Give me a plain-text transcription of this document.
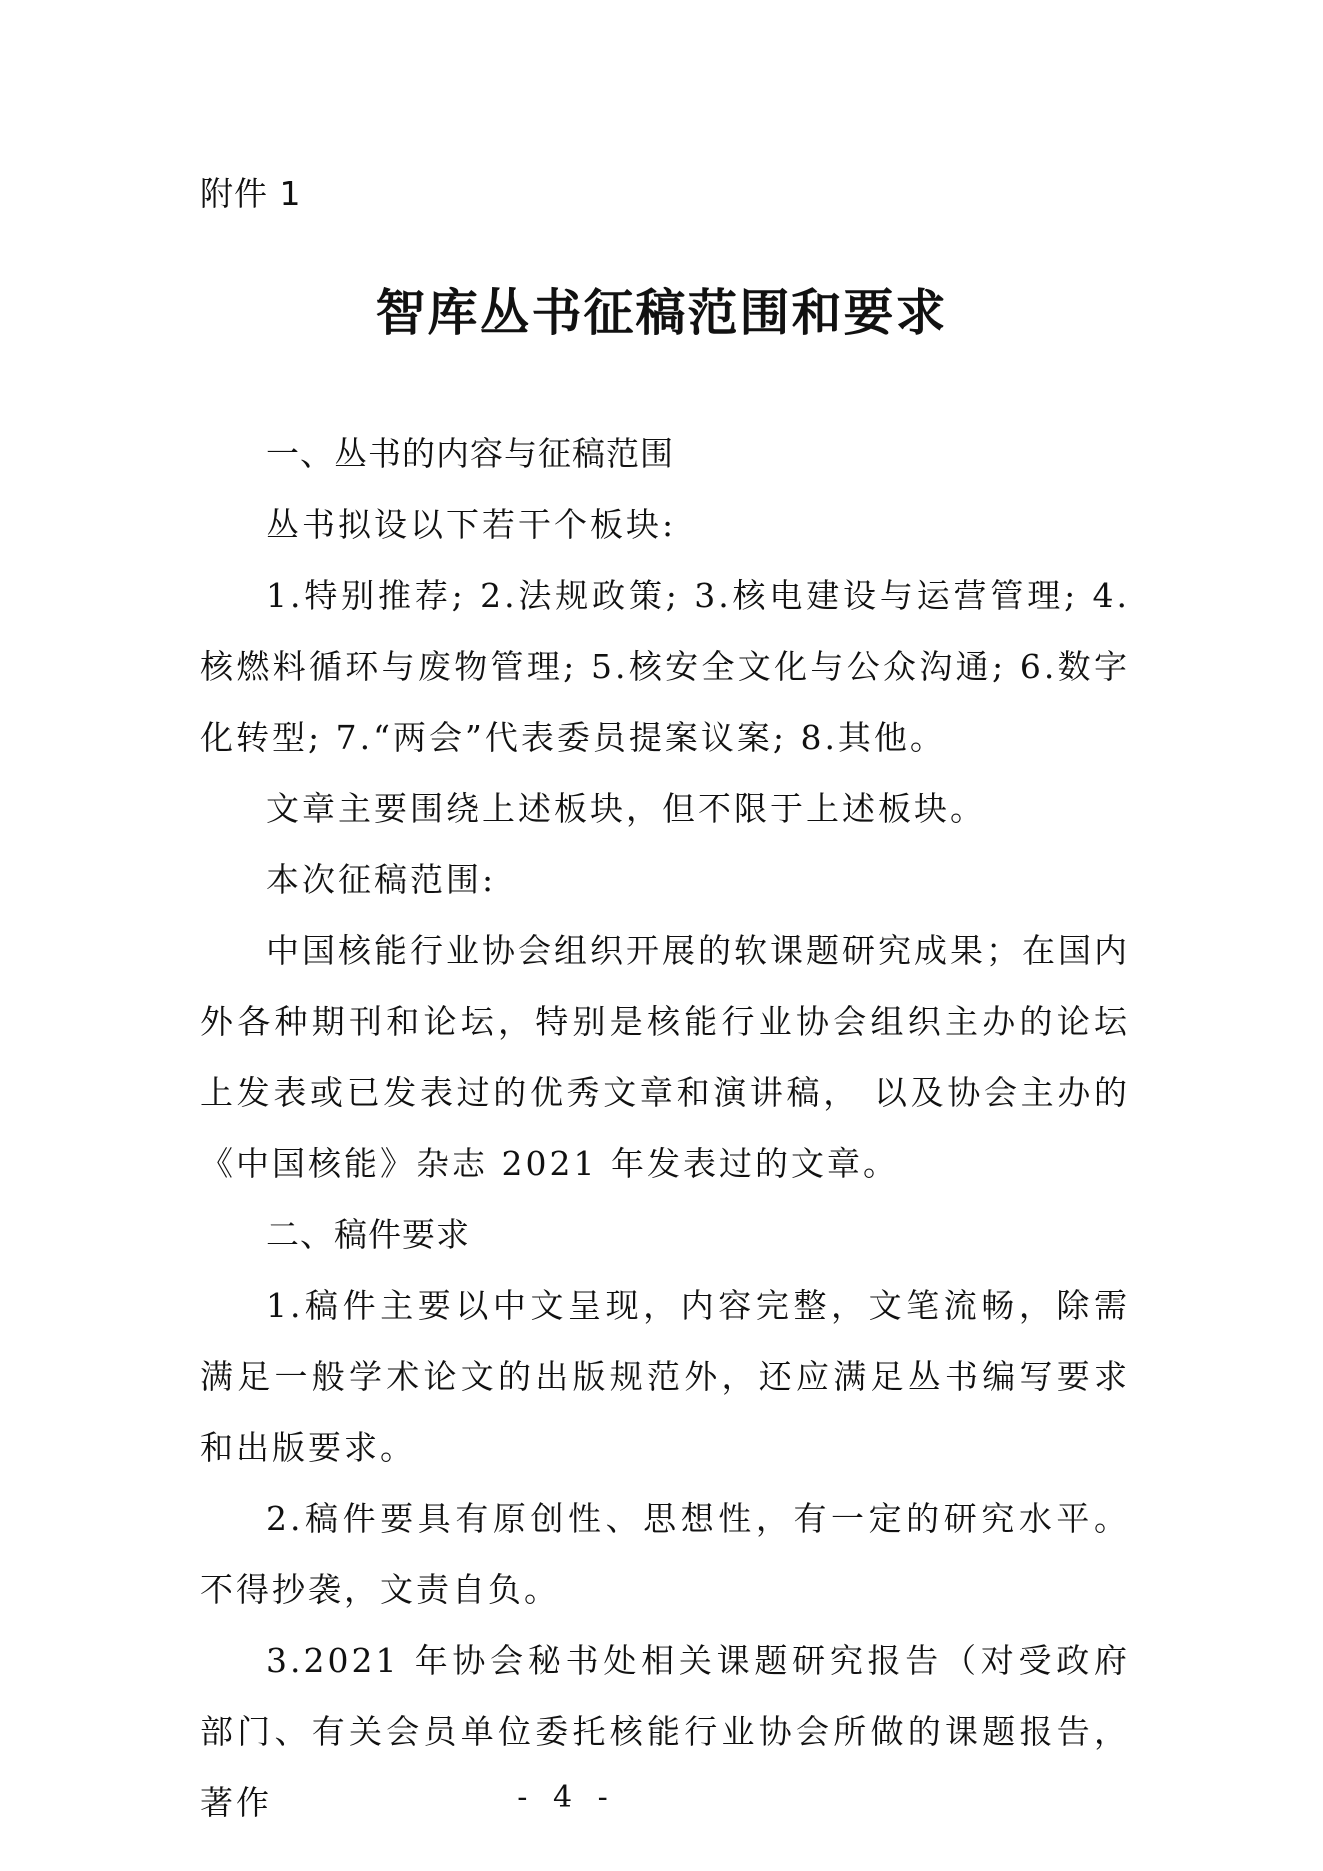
附件 1
智库丛书征稿范围和要求

一、丛书的内容与征稿范围

丛书拟设以下若干个板块:

1.特别推荐; 2.法规政策; 3.核电建设与运营管理; 4.核燃料循环与废物管理; 5.核安全文化与公众沟通; 6.数字化转型; 7.“两会”代表委员提案议案; 8.其他。

文章主要围绕上述板块，但不限于上述板块。

本次征稿范围:

中国核能行业协会组织开展的软课题研究成果；在国内外各种期刊和论坛，特别是核能行业协会组织主办的论坛上发表或已发表过的优秀文章和演讲稿， 以及协会主办的《中国核能》杂志 2021 年发表过的文章。

二、稿件要求

1.稿件主要以中文呈现，内容完整，文笔流畅，除需满足一般学术论文的出版规范外，还应满足丛书编写要求和出版要求。

2.稿件要具有原创性、思想性，有一定的研究水平。不得抄袭，文责自负。

3.2021 年协会秘书处相关课题研究报告（对受政府部门、有关会员单位委托核能行业协会所做的课题报告，著作	- 4 -
